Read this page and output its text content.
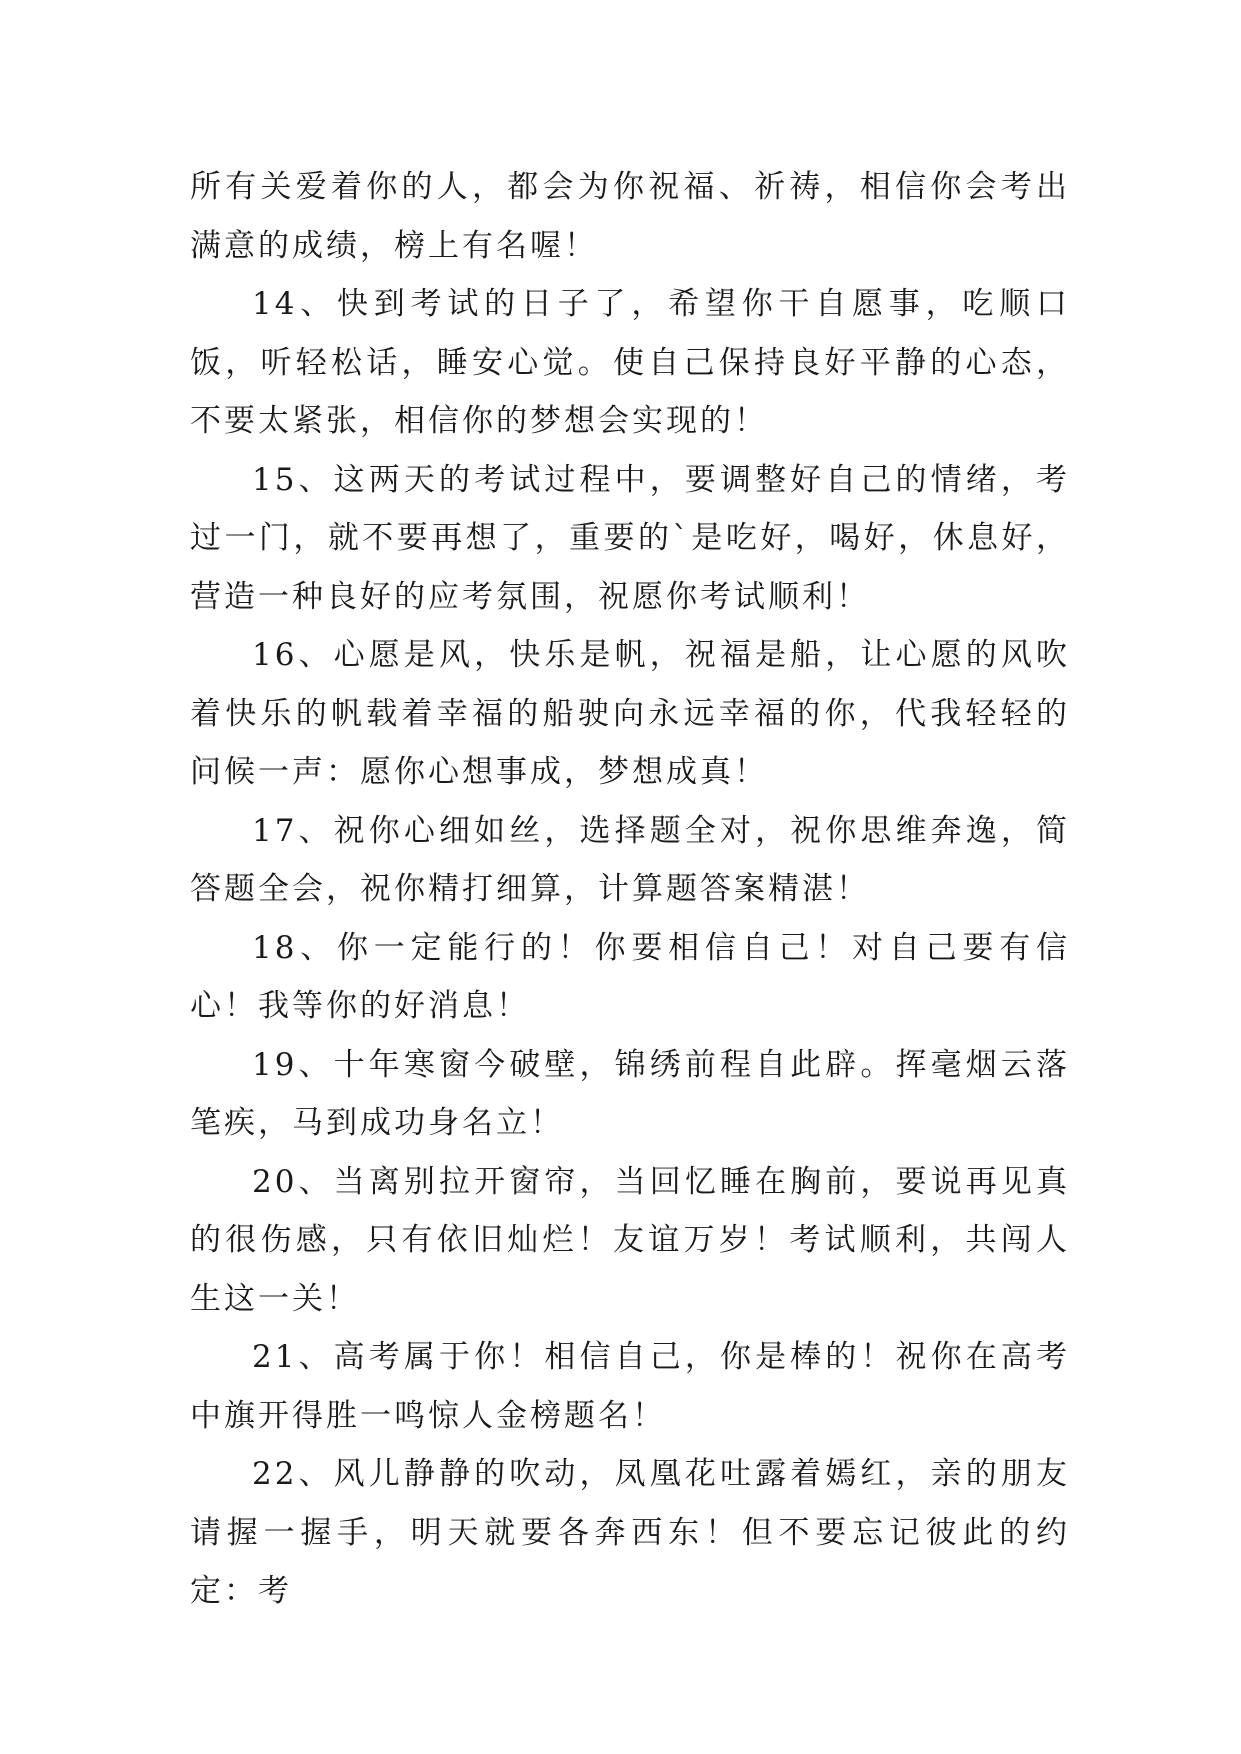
所有关爱着你的人，都会为你祝福、祈祷，相信你会考出满意的成绩，榜上有名喔！

14、快到考试的日子了，希望你干自愿事，吃顺口饭，听轻松话，睡安心觉。使自己保持良好平静的心态，不要太紧张，相信你的梦想会实现的！

15、这两天的考试过程中，要调整好自己的情绪，考过一门，就不要再想了，重要的`是吃好，喝好，休息好，营造一种良好的应考氛围，祝愿你考试顺利！

16、心愿是风，快乐是帆，祝福是船，让心愿的风吹着快乐的帆载着幸福的船驶向永远幸福的你，代我轻轻的问候一声：愿你心想事成，梦想成真！

17、祝你心细如丝，选择题全对，祝你思维奔逸，简答题全会，祝你精打细算，计算题答案精湛！

18、你一定能行的！你要相信自己！对自己要有信心！我等你的好消息！

19、十年寒窗今破壁，锦绣前程自此辟。挥毫烟云落笔疾，马到成功身名立！

20、当离别拉开窗帘，当回忆睡在胸前，要说再见真的很伤感，只有依旧灿烂！友谊万岁！考试顺利，共闯人生这一关！

21、高考属于你！相信自己，你是棒的！祝你在高考中旗开得胜一鸣惊人金榜题名！

22、风儿静静的吹动，凤凰花吐露着嫣红，亲的朋友请握一握手，明天就要各奔西东！但不要忘记彼此的约定：考
